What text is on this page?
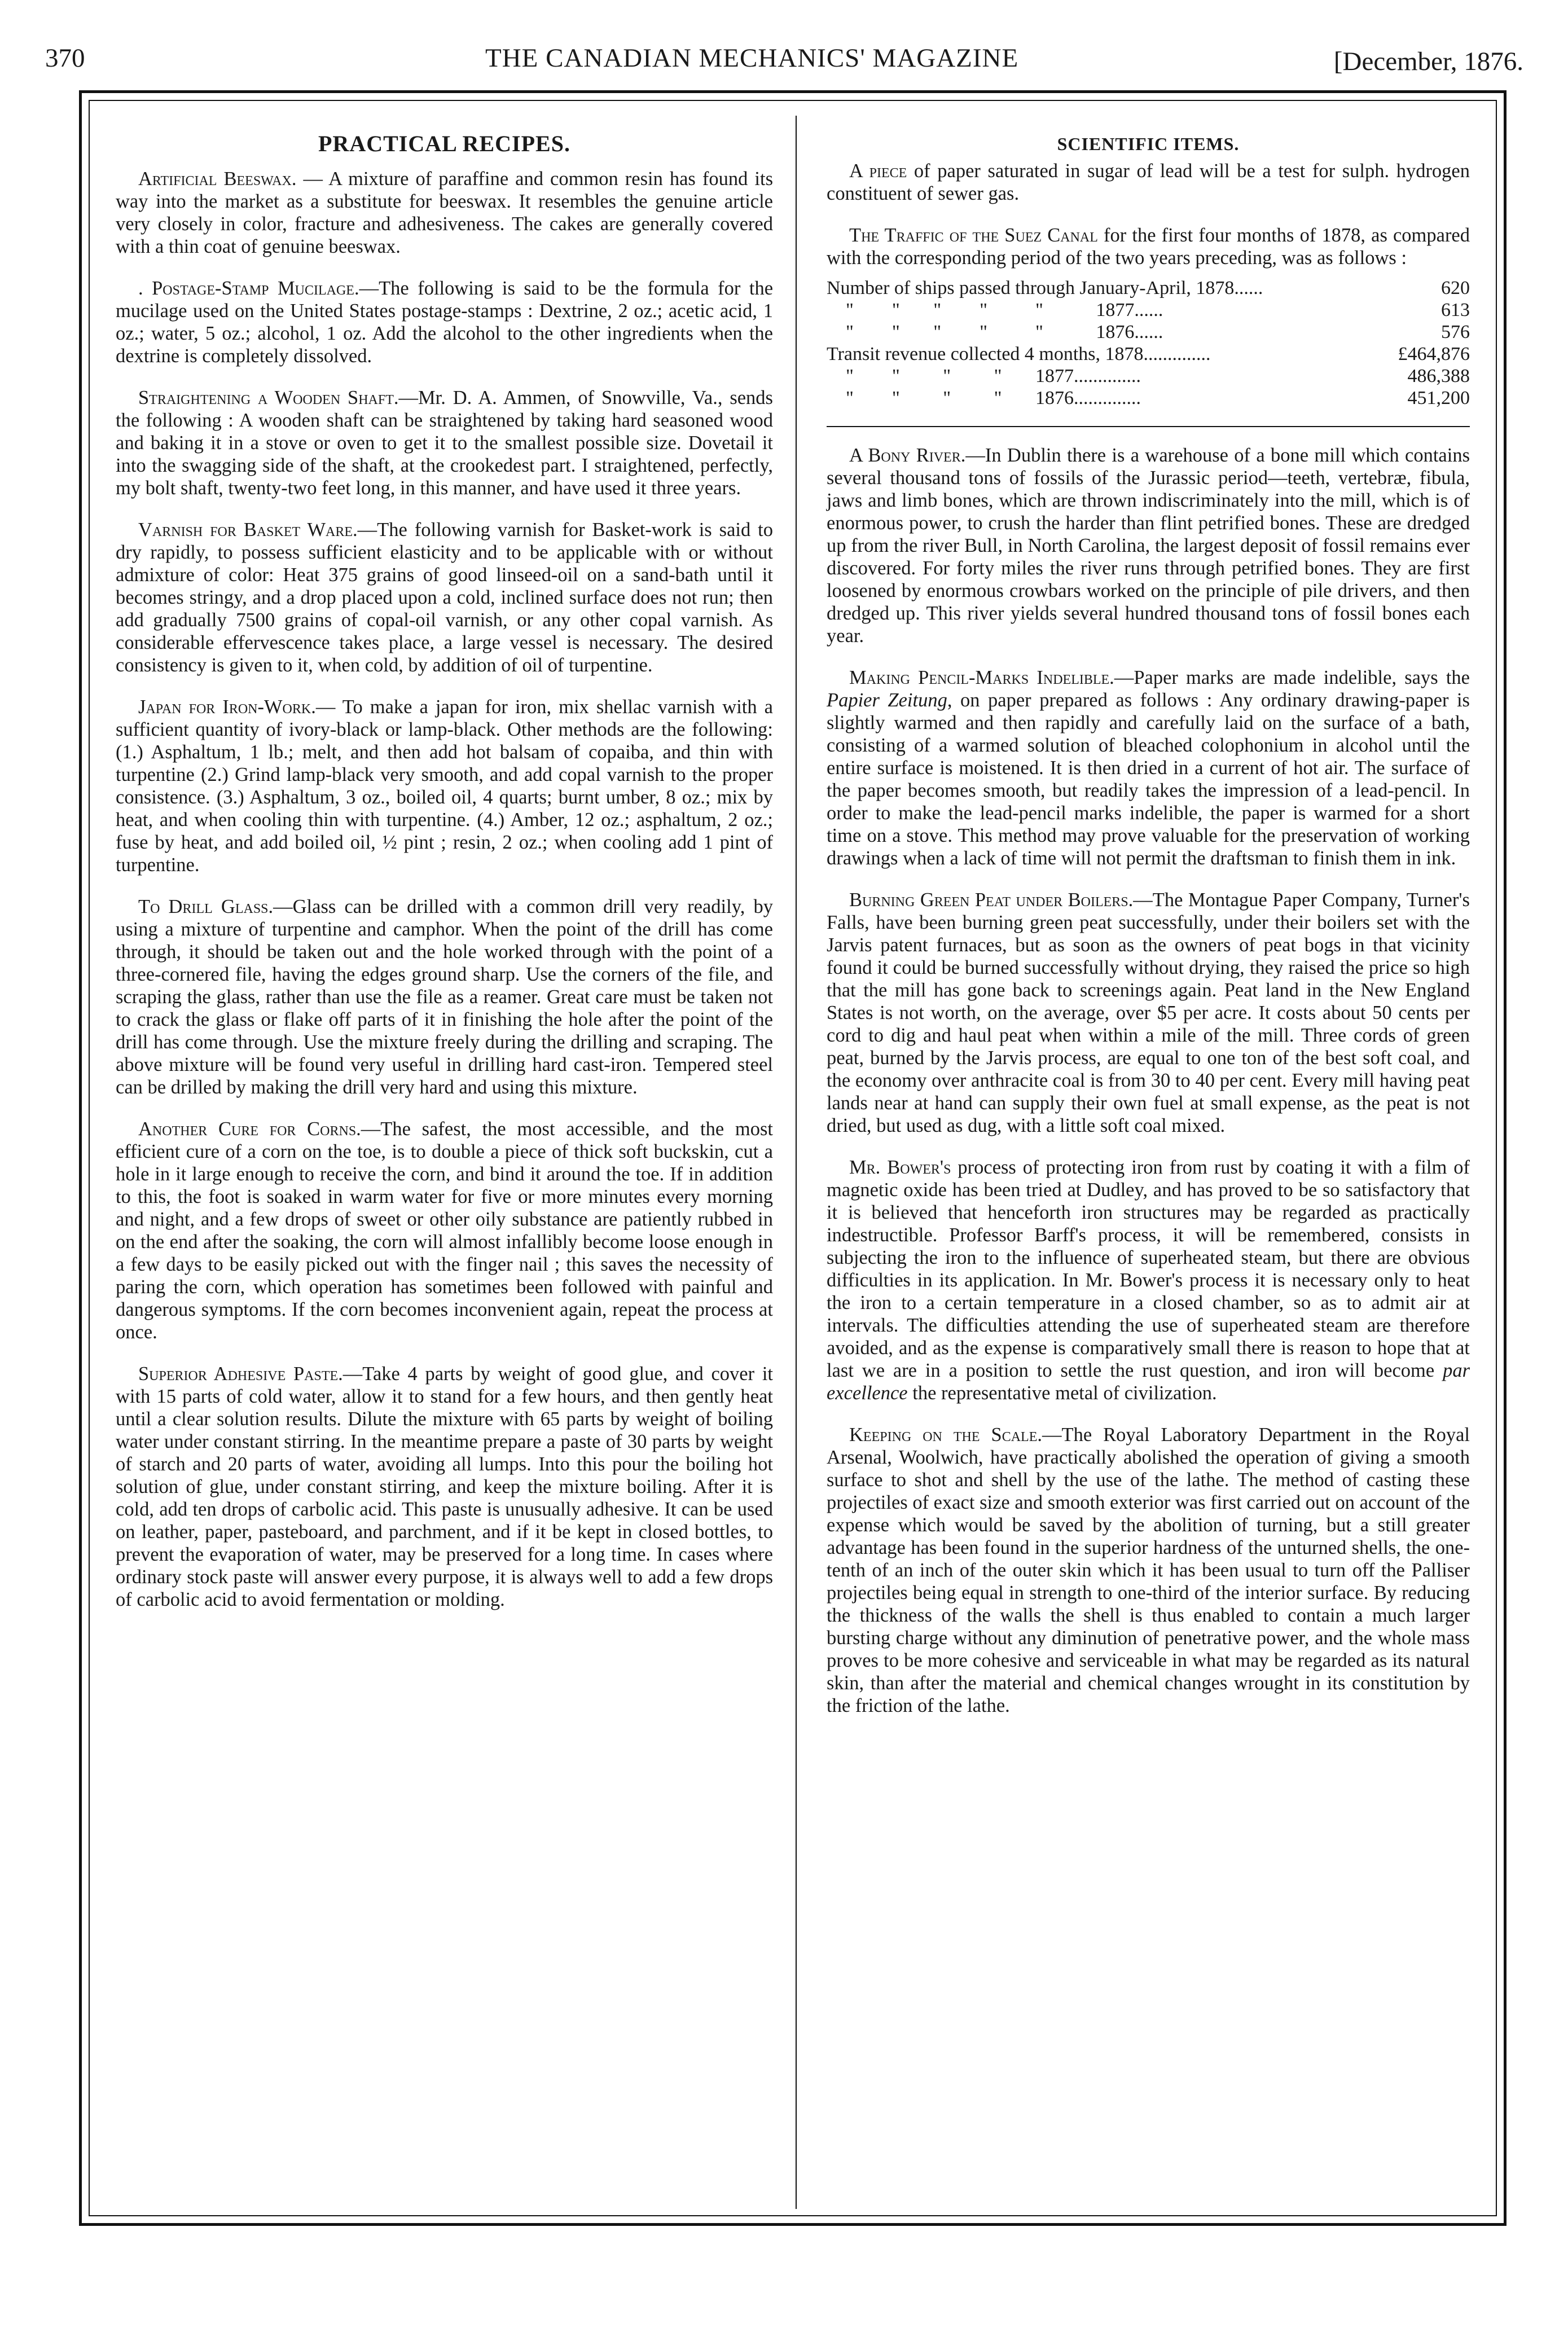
370	THE CANADIAN MECHANICS' MAGAZINE	[December, 1876.
PRACTICAL RECIPES.

Artificial Beeswax. — A mixture of paraffine and common resin has found its way into the market as a substitute for beeswax. It resembles the genuine article very closely in color, fracture and adhesiveness. The cakes are generally covered with a thin coat of genuine beeswax.

. Postage-Stamp Mucilage.—The following is said to be the formula for the mucilage used on the United States postage-stamps : Dextrine, 2 oz.; acetic acid, 1 oz.; water, 5 oz.; alcohol, 1 oz. Add the alcohol to the other ingredients when the dextrine is completely dissolved.

Straightening a Wooden Shaft.—Mr. D. A. Ammen, of Snowville, Va., sends the following : A wooden shaft can be straightened by taking hard seasoned wood and baking it in a stove or oven to get it to the smallest possible size. Dovetail it into the swagging side of the shaft, at the crookedest part. I straightened, perfectly, my bolt shaft, twenty-two feet long, in this manner, and have used it three years.

Varnish for Basket Ware.—The following varnish for Basket-work is said to dry rapidly, to possess sufficient elasticity and to be applicable with or without admixture of color: Heat 375 grains of good linseed-oil on a sand-bath until it becomes stringy, and a drop placed upon a cold, inclined surface does not run; then add gradually 7500 grains of copal-oil varnish, or any other copal varnish. As considerable effervescence takes place, a large vessel is necessary. The desired consistency is given to it, when cold, by addition of oil of turpentine.

Japan for Iron-Work.— To make a japan for iron, mix shellac varnish with a sufficient quantity of ivory-black or lamp-black. Other methods are the following: (1.) Asphaltum, 1 lb.; melt, and then add hot balsam of copaiba, and thin with turpentine (2.) Grind lamp-black very smooth, and add copal varnish to the proper consistence. (3.) Asphaltum, 3 oz., boiled oil, 4 quarts; burnt umber, 8 oz.; mix by heat, and when cooling thin with turpentine. (4.) Amber, 12 oz.; asphaltum, 2 oz.; fuse by heat, and add boiled oil, ½ pint ; resin, 2 oz.; when cooling add 1 pint of turpentine.

To Drill Glass.—Glass can be drilled with a common drill very readily, by using a mixture of turpentine and camphor. When the point of the drill has come through, it should be taken out and the hole worked through with the point of a three-cornered file, having the edges ground sharp. Use the corners of the file, and scraping the glass, rather than use the file as a reamer. Great care must be taken not to crack the glass or flake off parts of it in finishing the hole after the point of the drill has come through. Use the mixture freely during the drilling and scraping. The above mixture will be found very useful in drilling hard cast-iron. Tempered steel can be drilled by making the drill very hard and using this mixture.

Another Cure for Corns.—The safest, the most accessible, and the most efficient cure of a corn on the toe, is to double a piece of thick soft buckskin, cut a hole in it large enough to receive the corn, and bind it around the toe. If in addition to this, the foot is soaked in warm water for five or more minutes every morning and night, and a few drops of sweet or other oily substance are patiently rubbed in on the end after the soaking, the corn will almost infallibly become loose enough in a few days to be easily picked out with the finger nail ; this saves the necessity of paring the corn, which operation has sometimes been followed with painful and dangerous symptoms. If the corn becomes inconvenient again, repeat the process at once.

Superior Adhesive Paste.—Take 4 parts by weight of good glue, and cover it with 15 parts of cold water, allow it to stand for a few hours, and then gently heat until a clear solution results. Dilute the mixture with 65 parts by weight of boiling water under constant stirring. In the meantime prepare a paste of 30 parts by weight of starch and 20 parts of water, avoiding all lumps. Into this pour the boiling hot solution of glue, under constant stirring, and keep the mixture boiling. After it is cold, add ten drops of carbolic acid. This paste is unusually adhesive. It can be used on leather, paper, pasteboard, and parchment, and if it be kept in closed bottles, to prevent the evaporation of water, may be preserved for a long time. In cases where ordinary stock paste will answer every purpose, it is always well to add a few drops of carbolic acid to avoid fermentation or molding.

SCIENTIFIC ITEMS.

A piece of paper saturated in sugar of lead will be a test for sulph. hydrogen constituent of sewer gas.

The Traffic of the Suez Canal for the first four months of 1878, as compared with the corresponding period of the two years preceding, was as follows :

Number of ships passed through January-April, 1878......	620
"        "       "        "          "           1877......	613
"        "       "        "          "           1876......	576
Transit revenue collected 4 months, 1878..............	£464,876
"        "         "         "       1877..............	486,388
"        "         "         "       1876..............	451,200

A Bony River.—In Dublin there is a warehouse of a bone mill which contains several thousand tons of fossils of the Jurassic period—teeth, vertebræ, fibula, jaws and limb bones, which are thrown indiscriminately into the mill, which is of enormous power, to crush the harder than flint petrified bones. These are dredged up from the river Bull, in North Carolina, the largest deposit of fossil remains ever discovered. For forty miles the river runs through petrified bones. They are first loosened by enormous crowbars worked on the principle of pile drivers, and then dredged up. This river yields several hundred thousand tons of fossil bones each year.

Making Pencil-Marks Indelible.—Paper marks are made indelible, says the Papier Zeitung, on paper prepared as follows : Any ordinary drawing-paper is slightly warmed and then rapidly and carefully laid on the surface of a bath, consisting of a warmed solution of bleached colophonium in alcohol until the entire surface is moistened. It is then dried in a current of hot air. The surface of the paper becomes smooth, but readily takes the impression of a lead-pencil. In order to make the lead-pencil marks indelible, the paper is warmed for a short time on a stove. This method may prove valuable for the preservation of working drawings when a lack of time will not permit the draftsman to finish them in ink.

Burning Green Peat under Boilers.—The Montague Paper Company, Turner's Falls, have been burning green peat successfully, under their boilers set with the Jarvis patent furnaces, but as soon as the owners of peat bogs in that vicinity found it could be burned successfully without drying, they raised the price so high that the mill has gone back to screenings again. Peat land in the New England States is not worth, on the average, over $5 per acre. It costs about 50 cents per cord to dig and haul peat when within a mile of the mill. Three cords of green peat, burned by the Jarvis process, are equal to one ton of the best soft coal, and the economy over anthracite coal is from 30 to 40 per cent. Every mill having peat lands near at hand can supply their own fuel at small expense, as the peat is not dried, but used as dug, with a little soft coal mixed.

Mr. Bower's process of protecting iron from rust by coating it with a film of magnetic oxide has been tried at Dudley, and has proved to be so satisfactory that it is believed that henceforth iron structures may be regarded as practically indestructible. Professor Barff's process, it will be remembered, consists in subjecting the iron to the influence of superheated steam, but there are obvious difficulties in its application. In Mr. Bower's process it is necessary only to heat the iron to a certain temperature in a closed chamber, so as to admit air at intervals. The difficulties attending the use of superheated steam are therefore avoided, and as the expense is comparatively small there is reason to hope that at last we are in a position to settle the rust question, and iron will become par excellence the representative metal of civilization.

Keeping on the Scale.—The Royal Laboratory Department in the Royal Arsenal, Woolwich, have practically abolished the operation of giving a smooth surface to shot and shell by the use of the lathe. The method of casting these projectiles of exact size and smooth exterior was first carried out on account of the expense which would be saved by the abolition of turning, but a still greater advantage has been found in the superior hardness of the unturned shells, the one-tenth of an inch of the outer skin which it has been usual to turn off the Palliser projectiles being equal in strength to one-third of the interior surface. By reducing the thickness of the walls the shell is thus enabled to contain a much larger bursting charge without any diminution of penetrative power, and the whole mass proves to be more cohesive and serviceable in what may be regarded as its natural skin, than after the material and chemical changes wrought in its constitution by the friction of the lathe.
